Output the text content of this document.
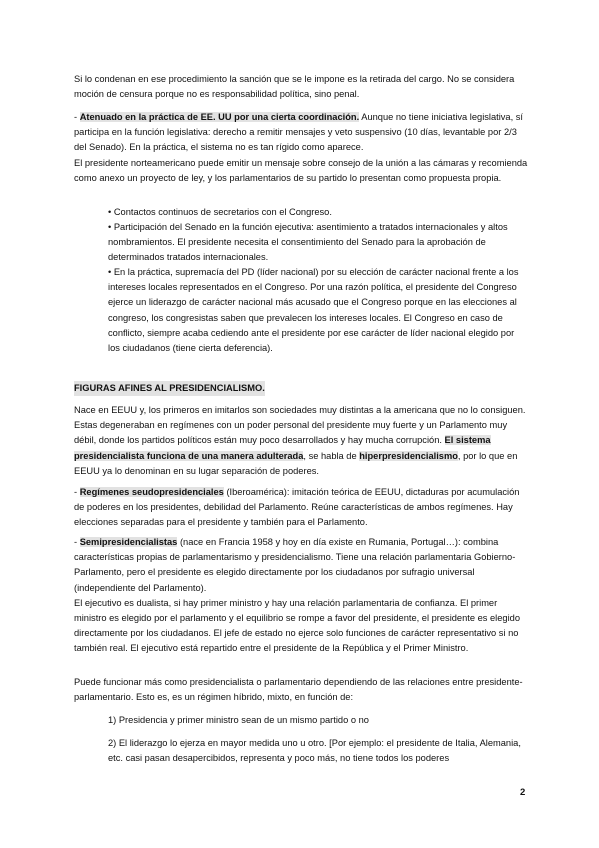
Si lo condenan en ese procedimiento la sanción que se le impone es la retirada del cargo. No se considera moción de censura porque no es responsabilidad política, sino penal.

- Atenuado en la práctica de EE. UU por una cierta coordinación. Aunque no tiene iniciativa legislativa, sí participa en la función legislativa: derecho a remitir mensajes y veto suspensivo (10 días, levantable por 2/3 del Senado). En la práctica, el sistema no es tan rígido como aparece.
El presidente norteamericano puede emitir un mensaje sobre consejo de la unión a las cámaras y recomienda como anexo un proyecto de ley, y los parlamentarios de su partido lo presentan como propuesta propia.

• Contactos continuos de secretarios con el Congreso.

• Participación del Senado en la función ejecutiva: asentimiento a tratados internacionales y altos nombramientos. El presidente necesita el consentimiento del Senado para la aprobación de determinados tratados internacionales.

• En la práctica, supremacía del PD (líder nacional) por su elección de carácter nacional frente a los intereses locales representados en el Congreso. Por una razón política, el presidente del Congreso ejerce un liderazgo de carácter nacional más acusado que el Congreso porque en las elecciones al congreso, los congresistas saben que prevalecen los intereses locales. El Congreso en caso de conflicto, siempre acaba cediendo ante el presidente por ese carácter de líder nacional elegido por los ciudadanos (tiene cierta deferencia).

FIGURAS AFINES AL PRESIDENCIALISMO.

Nace en EEUU y, los primeros en imitarlos son sociedades muy distintas a la americana que no lo consiguen. Estas degeneraban en regímenes con un poder personal del presidente muy fuerte y un Parlamento muy débil, donde los partidos políticos están muy poco desarrollados y hay mucha corrupción. El sistema presidencialista funciona de una manera adulterada, se habla de hiperpresidencialismo, por lo que en EEUU ya lo denominan en su lugar separación de poderes.

- Regímenes seudopresidenciales (Iberoamérica): imitación teórica de EEUU, dictaduras por acumulación de poderes en los presidentes, debilidad del Parlamento. Reúne características de ambos regímenes. Hay elecciones separadas para el presidente y también para el Parlamento.

- Semipresidencialistas (nace en Francia 1958 y hoy en día existe en Rumania, Portugal…): combina características propias de parlamentarismo y presidencialismo. Tiene una relación parlamentaria Gobierno- Parlamento, pero el presidente es elegido directamente por los ciudadanos por sufragio universal (independiente del Parlamento).
El ejecutivo es dualista, si hay primer ministro y hay una relación parlamentaria de confianza. El primer ministro es elegido por el parlamento y el equilibrio se rompe a favor del presidente, el presidente es elegido directamente por los ciudadanos. El jefe de estado no ejerce solo funciones de carácter representativo si no también real. El ejecutivo está repartido entre el presidente de la República y el Primer Ministro.

Puede funcionar más como presidencialista o parlamentario dependiendo de las relaciones entre presidente-parlamentario. Esto es, es un régimen híbrido, mixto, en función de:

1) Presidencia y primer ministro sean de un mismo partido o no

2) El liderazgo lo ejerza en mayor medida uno u otro. [Por ejemplo: el presidente de Italia, Alemania, etc. casi pasan desapercibidos, representa y poco más, no tiene todos los poderes

2
